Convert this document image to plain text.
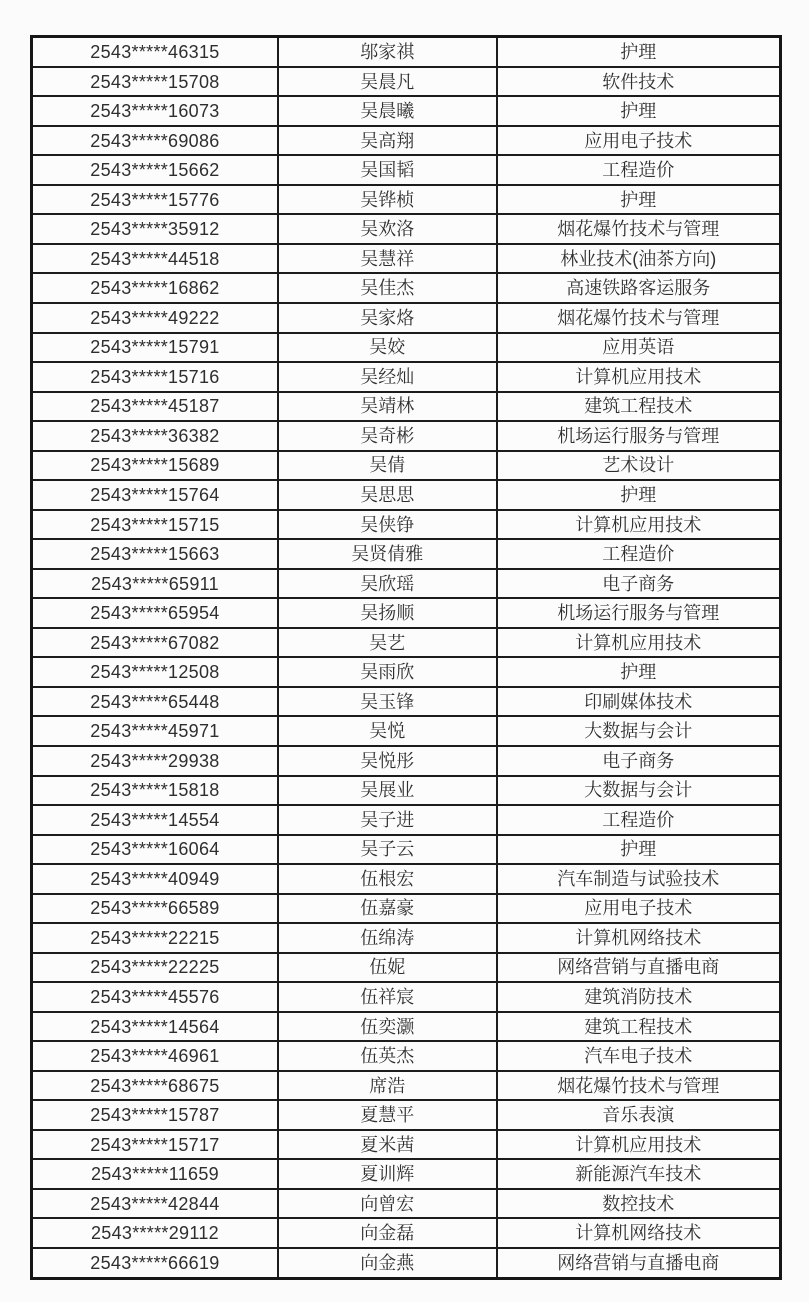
2543*****46315	邬家祺	护理
2543*****15708	吴晨凡	软件技术
2543*****16073	吴晨曦	护理
2543*****69086	吴高翔	应用电子技术
2543*****15662	吴国韬	工程造价
2543*****15776	吴铧桢	护理
2543*****35912	吴欢洛	烟花爆竹技术与管理
2543*****44518	吴慧祥	林业技术(油茶方向)
2543*****16862	吴佳杰	高速铁路客运服务
2543*****49222	吴家烙	烟花爆竹技术与管理
2543*****15791	吴姣	应用英语
2543*****15716	吴经灿	计算机应用技术
2543*****45187	吴靖林	建筑工程技术
2543*****36382	吴奇彬	机场运行服务与管理
2543*****15689	吴倩	艺术设计
2543*****15764	吴思思	护理
2543*****15715	吴侠铮	计算机应用技术
2543*****15663	吴贤倩雅	工程造价
2543*****65911	吴欣瑶	电子商务
2543*****65954	吴扬顺	机场运行服务与管理
2543*****67082	吴艺	计算机应用技术
2543*****12508	吴雨欣	护理
2543*****65448	吴玉锋	印刷媒体技术
2543*****45971	吴悦	大数据与会计
2543*****29938	吴悦彤	电子商务
2543*****15818	吴展业	大数据与会计
2543*****14554	吴子进	工程造价
2543*****16064	吴子云	护理
2543*****40949	伍根宏	汽车制造与试验技术
2543*****66589	伍嘉豪	应用电子技术
2543*****22215	伍绵涛	计算机网络技术
2543*****22225	伍妮	网络营销与直播电商
2543*****45576	伍祥宸	建筑消防技术
2543*****14564	伍奕灏	建筑工程技术
2543*****46961	伍英杰	汽车电子技术
2543*****68675	席浩	烟花爆竹技术与管理
2543*****15787	夏慧平	音乐表演
2543*****15717	夏米茜	计算机应用技术
2543*****11659	夏训辉	新能源汽车技术
2543*****42844	向曾宏	数控技术
2543*****29112	向金磊	计算机网络技术
2543*****66619	向金燕	网络营销与直播电商
